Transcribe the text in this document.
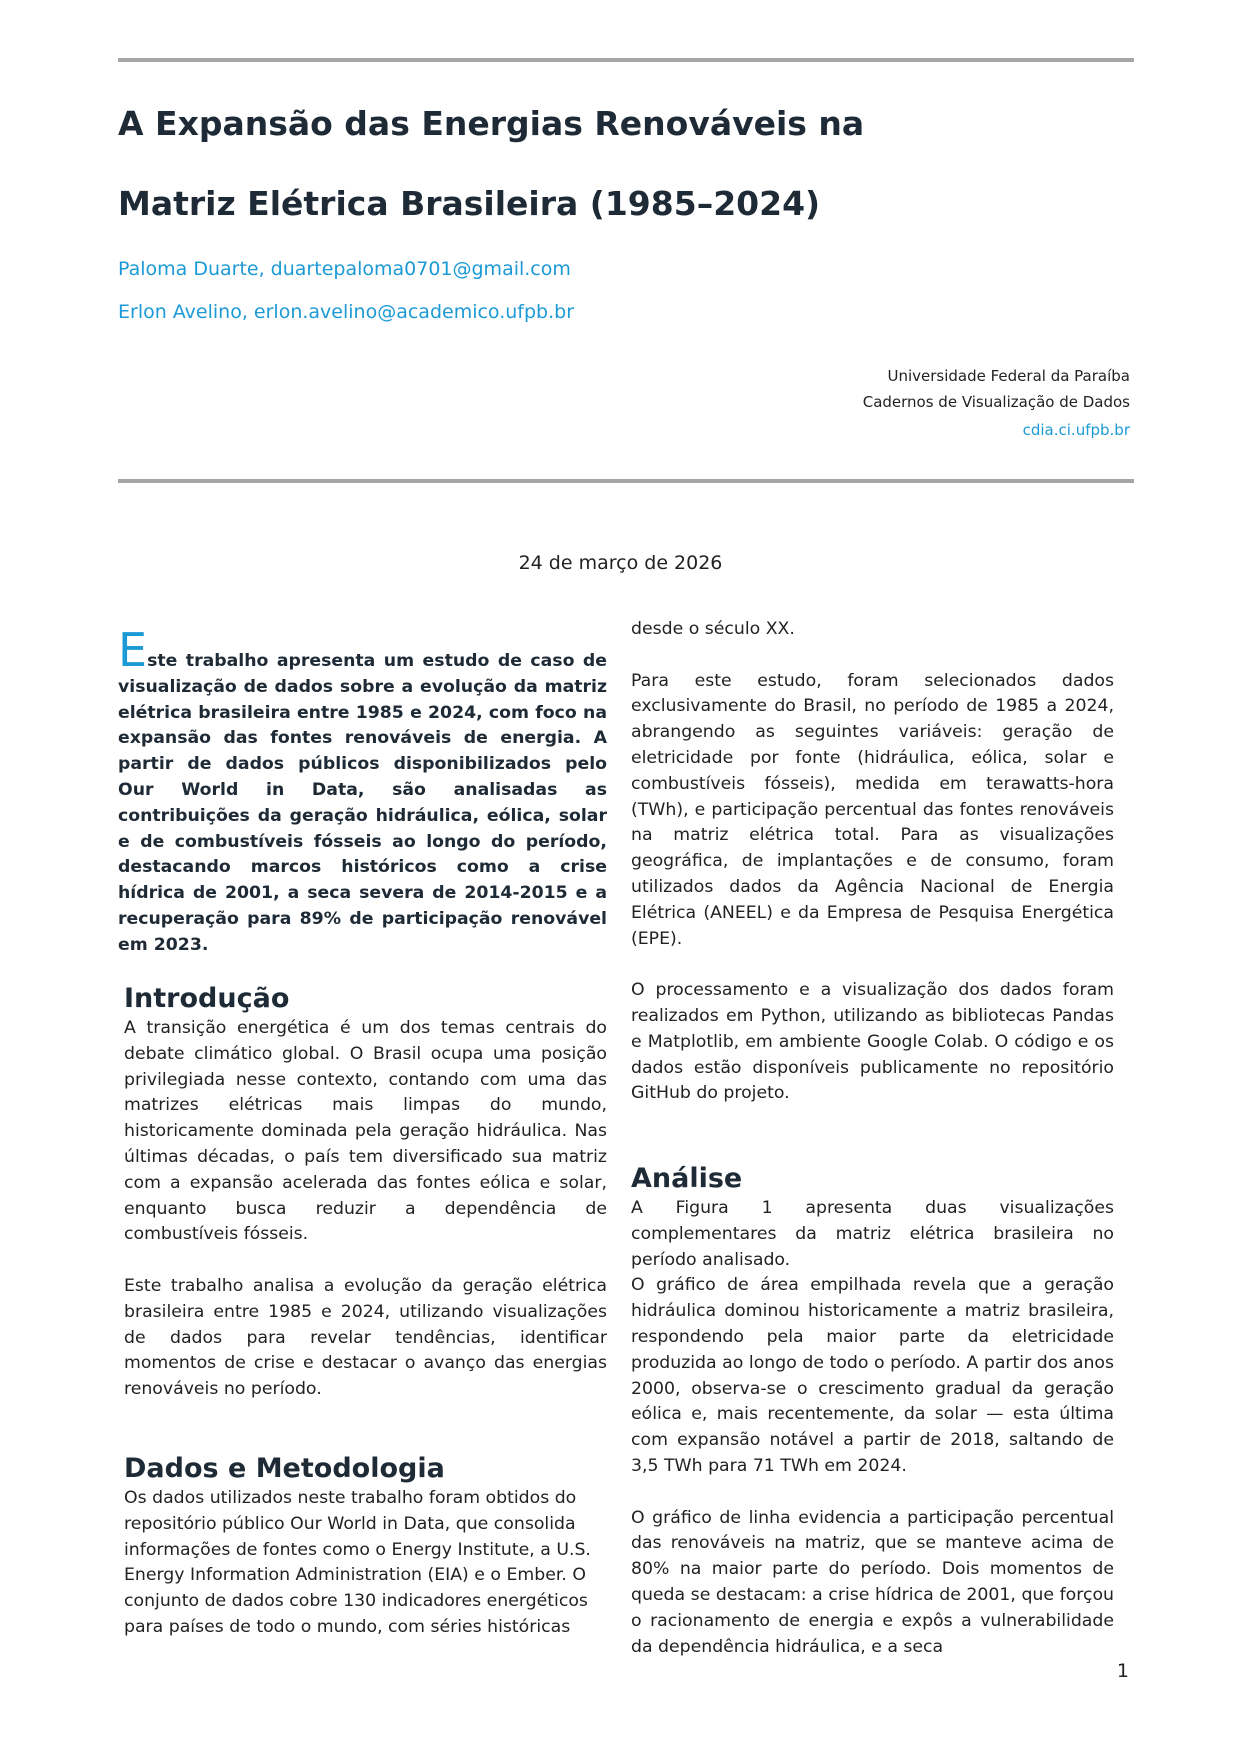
A Expansão das Energias Renováveis na
Matriz Elétrica Brasileira (1985–2024)
Paloma Duarte, duartepaloma0701@gmail.com
Erlon Avelino, erlon.avelino@academico.ufpb.br
Universidade Federal da Paraíba
Cadernos de Visualização de Dados
cdia.ci.ufpb.br
24 de março de 2026

Este trabalho apresenta um estudo de caso de visualização de dados sobre a evolução da matriz elétrica brasileira entre 1985 e 2024, com foco na expansão das fontes renováveis de energia. A partir de dados públicos disponibilizados pelo Our World in Data, são analisadas as contribuições da geração hidráulica, eólica, solar e de combustíveis fósseis ao longo do período, destacando marcos históricos como a crise hídrica de 2001, a seca severa de 2014-2015 e a recuperação para 89% de participação renovável em 2023.

Introdução

A transição energética é um dos temas centrais do debate climático global. O Brasil ocupa uma posição privilegiada nesse contexto, contando com uma das matrizes elétricas mais limpas do mundo, historicamente dominada pela geração hidráulica. Nas últimas décadas, o país tem diversificado sua matriz com a expansão acelerada das fontes eólica e solar, enquanto busca reduzir a dependência de combustíveis fósseis.

Este trabalho analisa a evolução da geração elétrica brasileira entre 1985 e 2024, utilizando visualizações de dados para revelar tendências, identificar momentos de crise e destacar o avanço das energias renováveis no período.

Dados e Metodologia

Os dados utilizados neste trabalho foram obtidos do repositório público Our World in Data, que consolida informações de fontes como o Energy Institute, a U.S. Energy Information Administration (EIA) e o Ember. O conjunto de dados cobre 130 indicadores energéticos para países de todo o mundo, com séries históricas

desde o século XX.

Para este estudo, foram selecionados dados exclusivamente do Brasil, no período de 1985 a 2024, abrangendo as seguintes variáveis: geração de eletricidade por fonte (hidráulica, eólica, solar e combustíveis fósseis), medida em terawatts-hora (TWh), e participação percentual das fontes renováveis na matriz elétrica total. Para as visualizações geográfica, de implantações e de consumo, foram utilizados dados da Agência Nacional de Energia Elétrica (ANEEL) e da Empresa de Pesquisa Energética (EPE).

O processamento e a visualização dos dados foram realizados em Python, utilizando as bibliotecas Pandas e Matplotlib, em ambiente Google Colab. O código e os dados estão disponíveis publicamente no repositório GitHub do projeto.

Análise

A Figura 1 apresenta duas visualizações complementares da matriz elétrica brasileira no período analisado.

O gráfico de área empilhada revela que a geração hidráulica dominou historicamente a matriz brasileira, respondendo pela maior parte da eletricidade produzida ao longo de todo o período. A partir dos anos 2000, observa-se o crescimento gradual da geração eólica e, mais recentemente, da solar — esta última com expansão notável a partir de 2018, saltando de 3,5 TWh para 71 TWh em 2024.

O gráfico de linha evidencia a participação percentual das renováveis na matriz, que se manteve acima de 80% na maior parte do período. Dois momentos de queda se destacam: a crise hídrica de 2001, que forçou o racionamento de energia e expôs a vulnerabilidade da dependência hidráulica, e a seca

1
